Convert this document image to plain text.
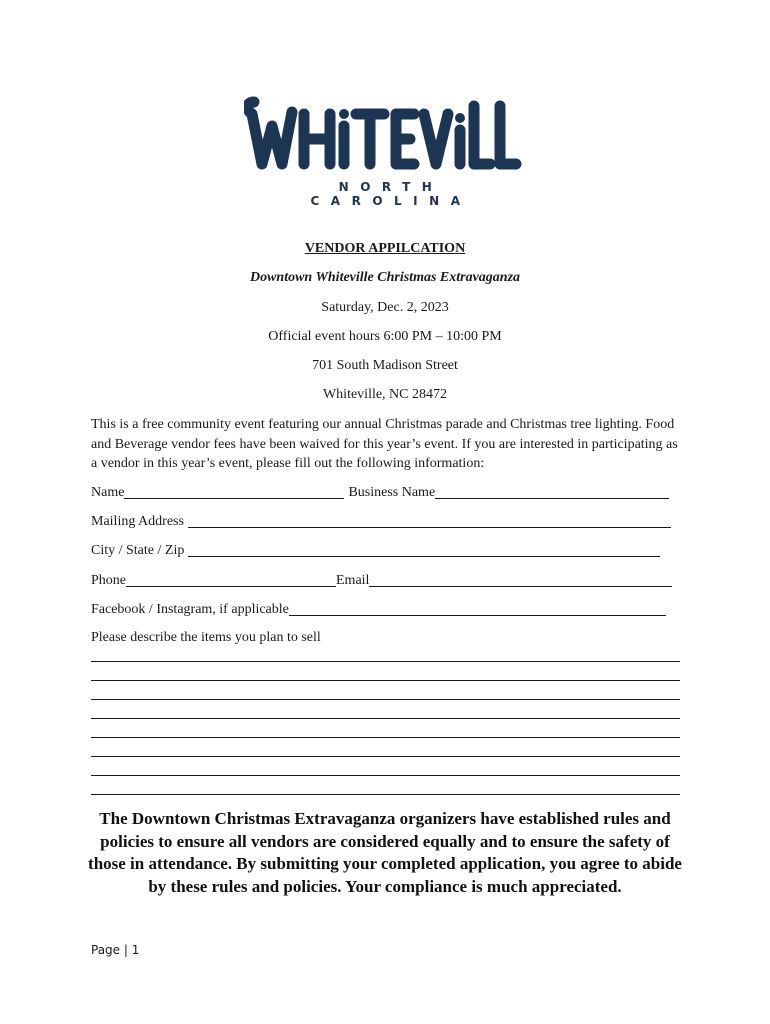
NORTH CAROLINA
VENDOR APPILCATION
Downtown Whiteville Christmas Extravaganza
Saturday, Dec. 2, 2023
Official event hours 6:00 PM – 10:00 PM
701 South Madison Street
Whiteville, NC 28472
This is a free community event featuring our annual Christmas parade and Christmas tree lighting. Food and Beverage vendor fees have been waived for this year’s event. If you are interested in participating as a vendor in this year’s event, please fill out the following information:
Name	Business Name
Mailing Address
City / State / Zip
Phone	Email
Facebook / Instagram, if applicable
Please describe the items you plan to sell
The Downtown Christmas Extravaganza organizers have established rules and policies to ensure all vendors are considered equally and to ensure the safety of those in attendance. By submitting your completed application, you agree to abide by these rules and policies. Your compliance is much appreciated.
Page | 1
